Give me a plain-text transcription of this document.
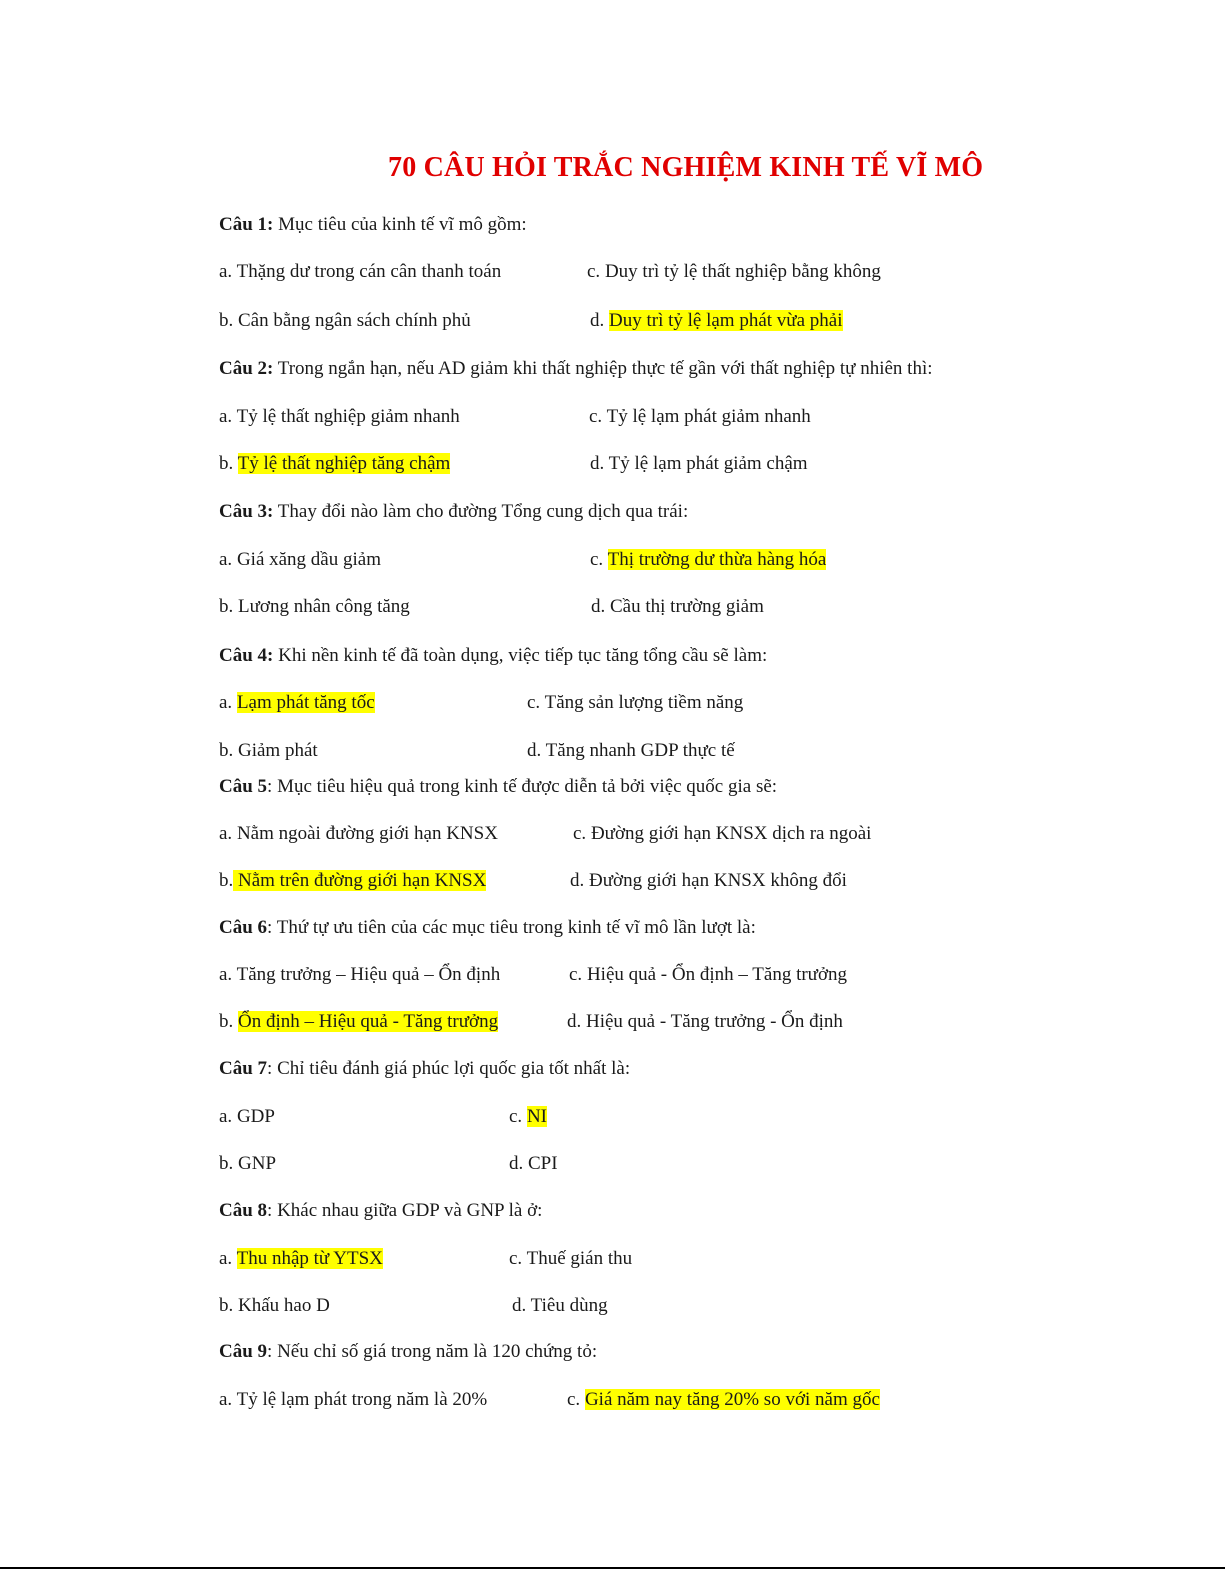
70 CÂU HỎI TRẮC NGHIỆM KINH TẾ VĨ MÔ
Câu 1: Mục tiêu của kinh tế vĩ mô gồm:
a. Thặng dư trong cán cân thanh toán	c. Duy trì tỷ lệ thất nghiệp bằng không
b. Cân bằng ngân sách chính phủ	d. Duy trì tỷ lệ lạm phát vừa phải
Câu 2: Trong ngắn hạn, nếu AD giảm khi thất nghiệp thực tế gần với thất nghiệp tự nhiên thì:
a. Tỷ lệ thất nghiệp giảm nhanh	c. Tỷ lệ lạm phát giảm nhanh
b. Tỷ lệ thất nghiệp tăng chậm	d. Tỷ lệ lạm phát giảm chậm
Câu 3: Thay đổi nào làm cho đường Tổng cung dịch qua trái:
a. Giá xăng dầu giảm	c. Thị trường dư thừa hàng hóa
b. Lương nhân công tăng	d. Cầu thị trường giảm
Câu 4: Khi nền kinh tế đã toàn dụng, việc tiếp tục tăng tổng cầu sẽ làm:
a. Lạm phát tăng tốc	c. Tăng sản lượng tiềm năng
b. Giảm phát	d. Tăng nhanh GDP thực tế
Câu 5: Mục tiêu hiệu quả trong kinh tế được diễn tả bởi việc quốc gia sẽ:
a. Nằm ngoài đường giới hạn KNSX	c. Đường giới hạn KNSX dịch ra ngoài
b. Nằm trên đường giới hạn KNSX	d. Đường giới hạn KNSX không đổi
Câu 6: Thứ tự ưu tiên của các mục tiêu trong kinh tế vĩ mô lần lượt là:
a. Tăng trưởng – Hiệu quả – Ổn định	c. Hiệu quả - Ổn định – Tăng trưởng
b. Ổn định – Hiệu quả - Tăng trưởng	d. Hiệu quả - Tăng trưởng - Ổn định
Câu 7: Chỉ tiêu đánh giá phúc lợi quốc gia tốt nhất là:
a. GDP	c. NI
b. GNP	d. CPI
Câu 8: Khác nhau giữa GDP và GNP là ở:
a. Thu nhập từ YTSX	c. Thuế gián thu
b. Khấu hao D	d. Tiêu dùng
Câu 9: Nếu chỉ số giá trong năm là 120 chứng tỏ:
a. Tỷ lệ lạm phát trong năm là 20%	c. Giá năm nay tăng 20% so với năm gốc
